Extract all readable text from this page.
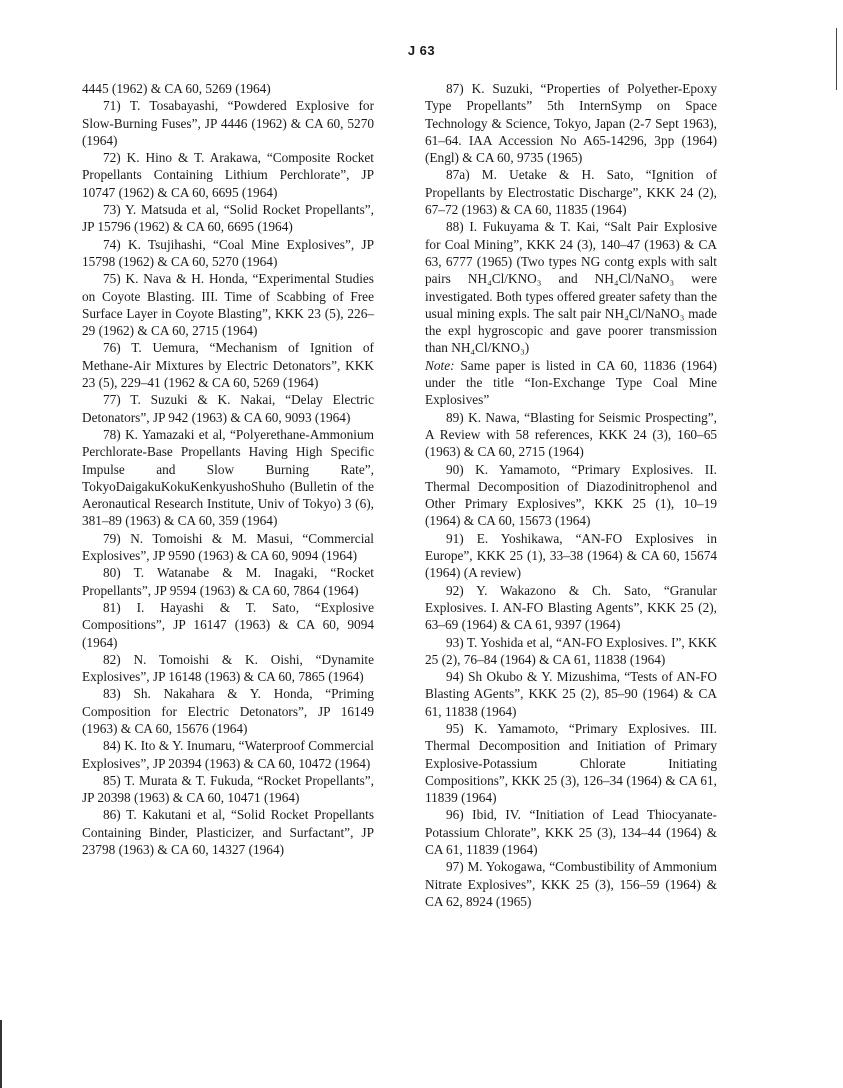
J 63

4445 (1962) & CA 60, 5269 (1964)

71) T. Tosabayashi, “Powdered Explosive for Slow-Burning Fuses”, JP 4446 (1962) & CA 60, 5270 (1964)

72) K. Hino & T. Arakawa, “Composite Rocket Propellants Containing Lithium Perchlorate”, JP 10747 (1962) & CA 60, 6695 (1964)

73) Y. Matsuda et al, “Solid Rocket Propellants”, JP 15796 (1962) & CA 60, 6695 (1964)

74) K. Tsujihashi, “Coal Mine Explosives”, JP 15798 (1962) & CA 60, 5270 (1964)

75) K. Nava & H. Honda, “Experimental Studies on Coyote Blasting. III. Time of Scabbing of Free Surface Layer in Coyote Blasting”, KKK 23 (5), 226–29 (1962) & CA 60, 2715 (1964)

76) T. Uemura, “Mechanism of Ignition of Methane-Air Mixtures by Electric Detonators”, KKK 23 (5), 229–41 (1962 & CA 60, 5269 (1964)

77) T. Suzuki & K. Nakai, “Delay Electric Detonators”, JP 942 (1963) & CA 60, 9093 (1964)

78) K. Yamazaki et al, “Polyerethane-Ammonium Perchlorate-Base Propellants Having High Specific Impulse and Slow Burning Rate”, TokyoDaigakuKokuKenkyushoShuho (Bulletin of the Aeronautical Research Institute, Univ of Tokyo) 3 (6), 381–89 (1963) & CA 60, 359 (1964)

79) N. Tomoishi & M. Masui, “Commercial Explosives”, JP 9590 (1963) & CA 60, 9094 (1964)

80) T. Watanabe & M. Inagaki, “Rocket Propellants”, JP 9594 (1963) & CA 60, 7864 (1964)

81) I. Hayashi & T. Sato, “Explosive Compositions”, JP 16147 (1963) & CA 60, 9094 (1964)

82) N. Tomoishi & K. Oishi, “Dynamite Explosives”, JP 16148 (1963) & CA 60, 7865 (1964)

83) Sh. Nakahara & Y. Honda, “Priming Composition for Electric Detonators”, JP 16149 (1963) & CA 60, 15676 (1964)

84) K. Ito & Y. Inumaru, “Waterproof Commercial Explosives”, JP 20394 (1963) & CA 60, 10472 (1964)

85) T. Murata & T. Fukuda, “Rocket Propellants”, JP 20398 (1963) & CA 60, 10471 (1964)

86) T. Kakutani et al, “Solid Rocket Propellants Containing Binder, Plasticizer, and Surfactant”, JP 23798 (1963) & CA 60, 14327 (1964)

87) K. Suzuki, “Properties of Polyether-Epoxy Type Propellants” 5th InternSymp on Space Technology & Science, Tokyo, Japan (2-7 Sept 1963), 61–64. IAA Accession No A65-14296, 3pp (1964) (Engl) & CA 60, 9735 (1965)

87a) M. Uetake & H. Sato, “Ignition of Propellants by Electrostatic Discharge”, KKK 24 (2), 67–72 (1963) & CA 60, 11835 (1964)

88) I. Fukuyama & T. Kai, “Salt Pair Explosive for Coal Mining”, KKK 24 (3), 140–47 (1963) & CA 63, 6777 (1965) (Two types NG contg expls with salt pairs NH₄Cl/KNO₃ and NH₄Cl/NaNO₃ were investigated. Both types offered greater safety than the usual mining expls. The salt pair NH₄Cl/NaNO₃ made the expl hygroscopic and gave poorer transmission than NH₄Cl/KNO₃)

Note: Same paper is listed in CA 60, 11836 (1964) under the title “Ion-Exchange Type Coal Mine Explosives”

89) K. Nawa, “Blasting for Seismic Prospecting”, A Review with 58 references, KKK 24 (3), 160–65 (1963) & CA 60, 2715 (1964)

90) K. Yamamoto, “Primary Explosives. II. Thermal Decomposition of Diazodinitrophenol and Other Primary Explosives”, KKK 25 (1), 10–19 (1964) & CA 60, 15673 (1964)

91) E. Yoshikawa, “AN-FO Explosives in Europe”, KKK 25 (1), 33–38 (1964) & CA 60, 15674 (1964) (A review)

92) Y. Wakazono & Ch. Sato, “Granular Explosives. I. AN-FO Blasting Agents”, KKK 25 (2), 63–69 (1964) & CA 61, 9397 (1964)

93) T. Yoshida et al, “AN-FO Explosives. I”, KKK 25 (2), 76–84 (1964) & CA 61, 11838 (1964)

94) Sh Okubo & Y. Mizushima, “Tests of AN-FO Blasting AGents”, KKK 25 (2), 85–90 (1964) & CA 61, 11838 (1964)

95) K. Yamamoto, “Primary Explosives. III. Thermal Decomposition and Initiation of Primary Explosive-Potassium Chlorate Initiating Compositions”, KKK 25 (3), 126–34 (1964) & CA 61, 11839 (1964)

96) Ibid, IV. “Initiation of Lead Thiocyanate-Potassium Chlorate”, KKK 25 (3), 134–44 (1964) & CA 61, 11839 (1964)

97) M. Yokogawa, “Combustibility of Ammonium Nitrate Explosives”, KKK 25 (3), 156–59 (1964) & CA 62, 8924 (1965)
